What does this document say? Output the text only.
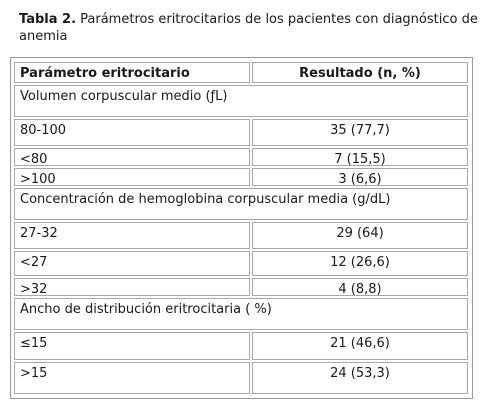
Tabla 2. Parámetros eritrocitarios de los pacientes con diagnóstico de anemia
Parámetro eritrocitario	Resultado (n, %)
Volumen corpuscular medio (ƒL)
80-100	35 (77,7)
<80	7 (15,5)
>100	3 (6,6)
Concentración de hemoglobina corpuscular media (g/dL)
27-32	29 (64)
<27	12 (26,6)
>32	4 (8,8)
Ancho de distribución eritrocitaria ( %)
≤15	21 (46,6)
>15	24 (53,3)
